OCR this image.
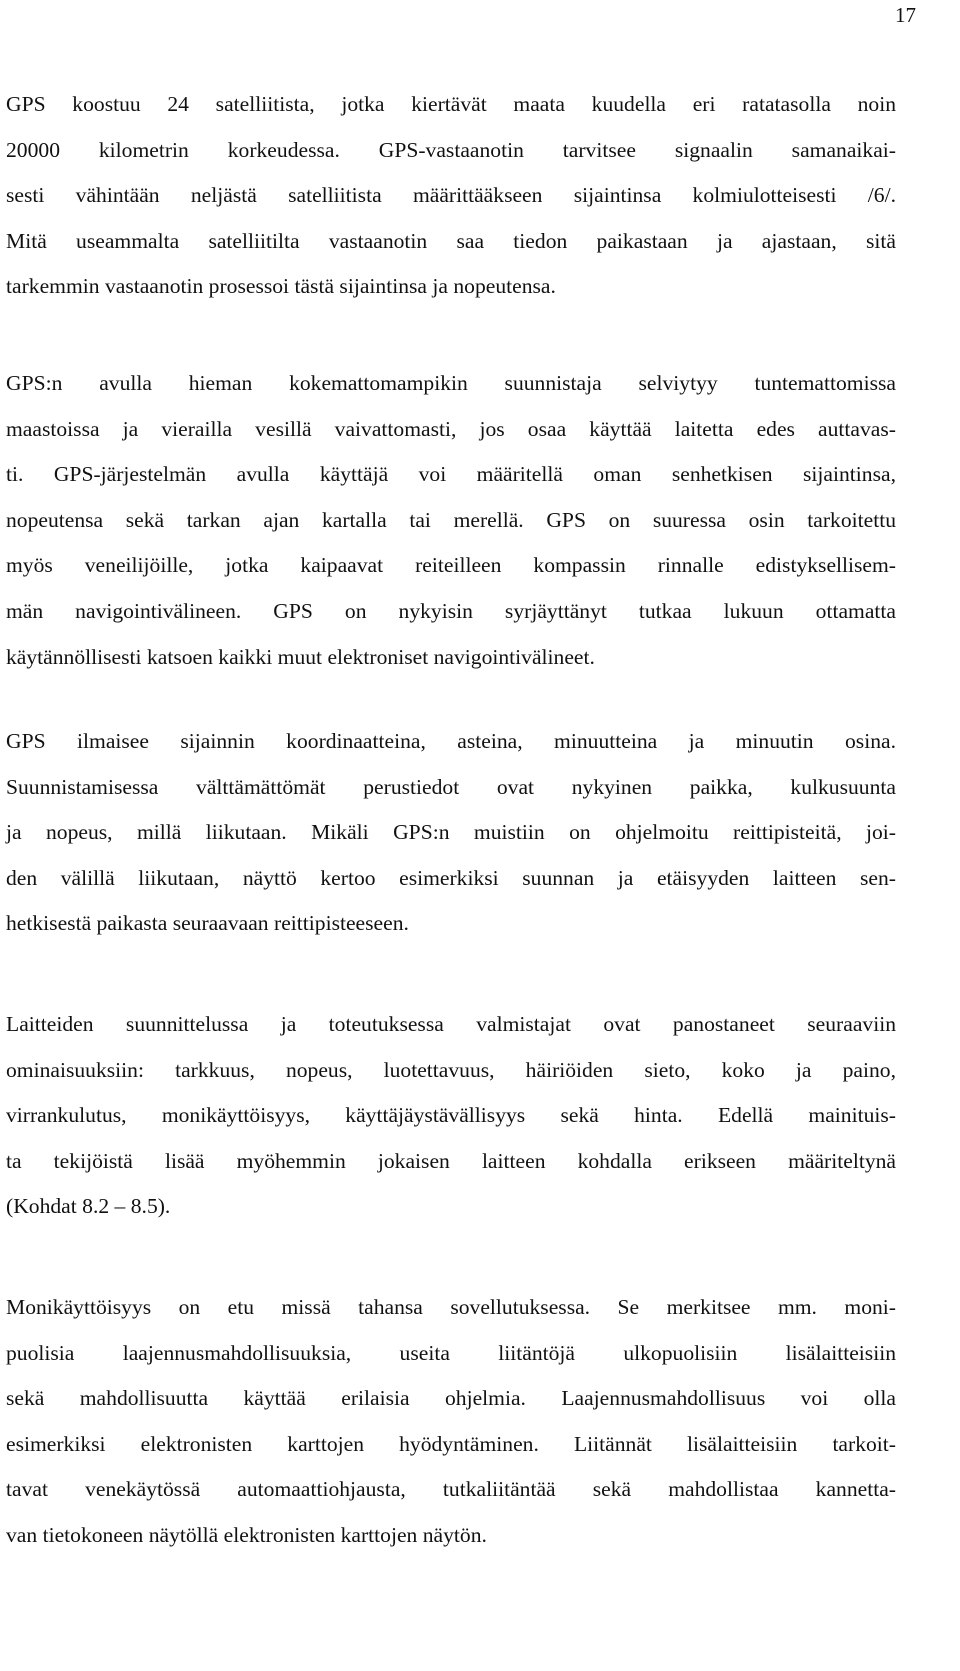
17
GPS koostuu 24 satelliitista, jotka kiertävät maata kuudella eri ratatasolla noin
20000 kilometrin korkeudessa. GPS-vastaanotin tarvitsee signaalin samanaikai-
sesti vähintään neljästä satelliitista määrittääkseen sijaintinsa kolmiulotteisesti /6/.
Mitä useammalta satelliitilta vastaanotin saa tiedon paikastaan ja ajastaan, sitä
tarkemmin vastaanotin prosessoi tästä sijaintinsa ja nopeutensa.
GPS:n avulla hieman kokemattomampikin suunnistaja selviytyy tuntemattomissa
maastoissa ja vierailla vesillä vaivattomasti, jos osaa käyttää laitetta edes auttavas-
ti. GPS-järjestelmän avulla käyttäjä voi määritellä oman senhetkisen sijaintinsa,
nopeutensa sekä tarkan ajan kartalla tai merellä. GPS on suuressa osin tarkoitettu
myös veneilijöille, jotka kaipaavat reiteilleen kompassin rinnalle edistyksellisem-
män navigointivälineen. GPS on nykyisin syrjäyttänyt tutkaa lukuun ottamatta
käytännöllisesti katsoen kaikki muut elektroniset navigointivälineet.
GPS ilmaisee sijainnin koordinaatteina, asteina, minuutteina ja minuutin osina.
Suunnistamisessa välttämättömät perustiedot ovat nykyinen paikka, kulkusuunta
ja nopeus, millä liikutaan. Mikäli GPS:n muistiin on ohjelmoitu reittipisteitä, joi-
den välillä liikutaan, näyttö kertoo esimerkiksi suunnan ja etäisyyden laitteen sen-
hetkisestä paikasta seuraavaan reittipisteeseen.
Laitteiden suunnittelussa ja toteutuksessa valmistajat ovat panostaneet seuraaviin
ominaisuuksiin: tarkkuus, nopeus, luotettavuus, häiriöiden sieto, koko ja paino,
virrankulutus, monikäyttöisyys, käyttäjäystävällisyys sekä hinta. Edellä mainituis-
ta tekijöistä lisää myöhemmin jokaisen laitteen kohdalla erikseen määriteltynä
(Kohdat 8.2 – 8.5).
Monikäyttöisyys on etu missä tahansa sovellutuksessa. Se merkitsee mm. moni-
puolisia laajennusmahdollisuuksia, useita liitäntöjä ulkopuolisiin lisälaitteisiin
sekä mahdollisuutta käyttää erilaisia ohjelmia. Laajennusmahdollisuus voi olla
esimerkiksi elektronisten karttojen hyödyntäminen. Liitännät lisälaitteisiin tarkoit-
tavat venekäytössä automaattiohjausta, tutkaliitäntää sekä mahdollistaa kannetta-
van tietokoneen näytöllä elektronisten karttojen näytön.
